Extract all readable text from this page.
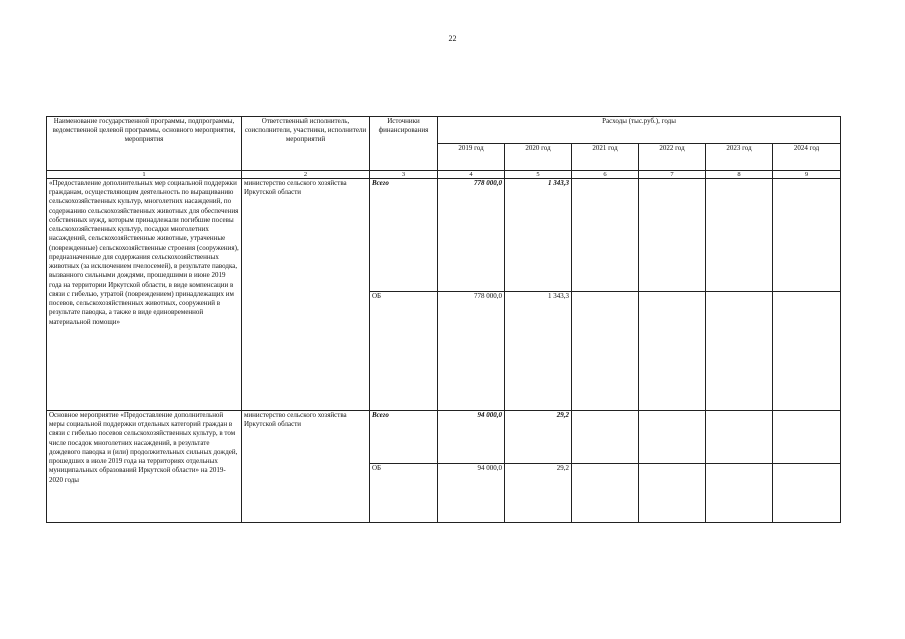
22
Наименование государственной программы, подпрограммы, ведомственной целевой программы, основного мероприятия, мероприятия	Ответственный исполнитель, соисполнители, участники, исполнители мероприятий	Источники финансирования	Расходы (тыс.руб.), годы					
			2019 год	2020 год	2021 год	2022 год	2023 год	2024 год
1	2	3	4	5	6	7	8	9
«Предоставление дополнительных мер социальной поддержки гражданам, осуществляющим деятельность по выращиванию сельскохозяйственных культур, многолетних насаждений, по содержанию сельскохозяйственных животных для обеспечения собственных нужд, которым принадлежали погибшие посевы сельскохозяйственных культур, посадки многолетних насаждений, сельскохозяйственные животные, утраченные (поврежденные) сельскохозяйственные строения (сооружения), предназначенные для содержания сельскохозяйственных животных (за исключением пчелосемей), в результате паводка, вызванного сильными дождями, прошедшими в июне 2019 года на территории Иркутской области, в виде компенсации в связи с гибелью, утратой (повреждением) принадлежащих им посевов, сельскохозяйственных животных, сооружений в результате паводка, а также в виде единовременной материальной помощи»	министерство сельского хозяйства Иркутской области	Всего	778 000,0	1 343,3				
		ОБ	778 000,0	1 343,3				
Основное мероприятие «Предоставление дополнительной меры социальной поддержки отдельных категорий граждан в связи с гибелью посевов сельскохозяйственных культур, в том числе посадок многолетних насаждений, в результате дождевого паводка и (или) продолжительных сильных дождей, прошедших в июле 2019 года на территориях отдельных муниципальных образований Иркутской области» на 2019-2020 годы	министерство сельского хозяйства Иркутской области	Всего	94 000,0	29,2				
		ОБ	94 000,0	29,2				
